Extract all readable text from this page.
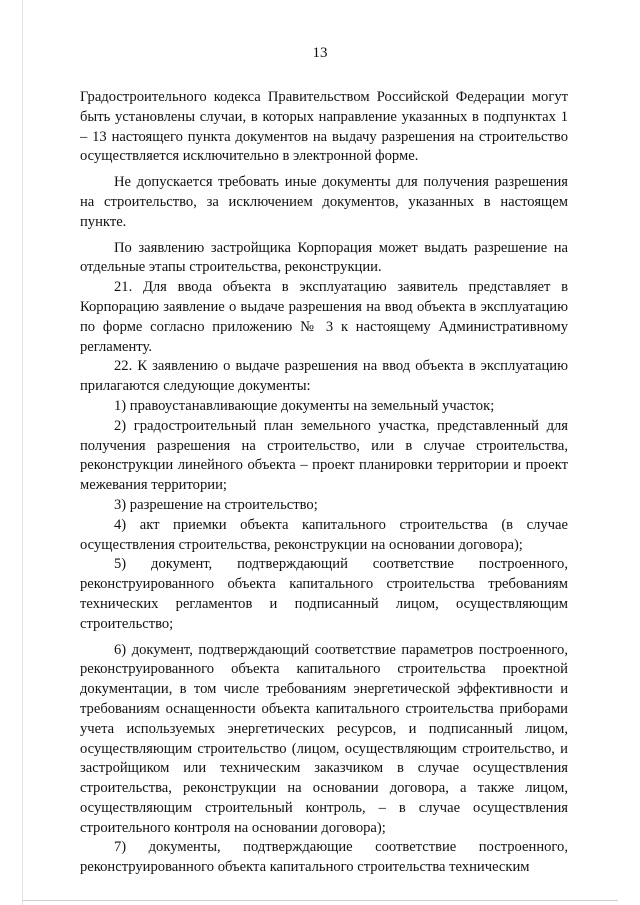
13

Градостроительного кодекса Правительством Российской Федерации могут быть установлены случаи, в которых направление указанных в подпунктах 1 – 13 настоящего пункта документов на выдачу разрешения на строительство осуществляется исключительно в электронной форме.

Не допускается требовать иные документы для получения разрешения на строительство, за исключением документов, указанных в настоящем пункте.

По заявлению застройщика Корпорация может выдать разрешение на отдельные этапы строительства, реконструкции.

21. Для ввода объекта в эксплуатацию заявитель представляет в Корпорацию заявление о выдаче разрешения на ввод объекта в эксплуатацию по форме согласно приложению № 3 к настоящему Административному регламенту.

22. К заявлению о выдаче разрешения на ввод объекта в эксплуатацию прилагаются следующие документы:

1) правоустанавливающие документы на земельный участок;

2) градостроительный план земельного участка, представленный для получения разрешения на строительство, или в случае строительства, реконструкции линейного объекта – проект планировки территории и проект межевания территории;

3) разрешение на строительство;

4) акт приемки объекта капитального строительства (в случае осуществления строительства, реконструкции на основании договора);

5) документ, подтверждающий соответствие построенного, реконструированного объекта капитального строительства требованиям технических регламентов и подписанный лицом, осуществляющим строительство;

6) документ, подтверждающий соответствие параметров построенного, реконструированного объекта капитального строительства проектной документации, в том числе требованиям энергетической эффективности и требованиям оснащенности объекта капитального строительства приборами учета используемых энергетических ресурсов, и подписанный лицом, осуществляющим строительство (лицом, осуществляющим строительство, и застройщиком или техническим заказчиком в случае осуществления строительства, реконструкции на основании договора, а также лицом, осуществляющим строительный контроль, – в случае осуществления строительного контроля на основании договора);

7) документы, подтверждающие соответствие построенного, реконструированного объекта капитального строительства техническим
